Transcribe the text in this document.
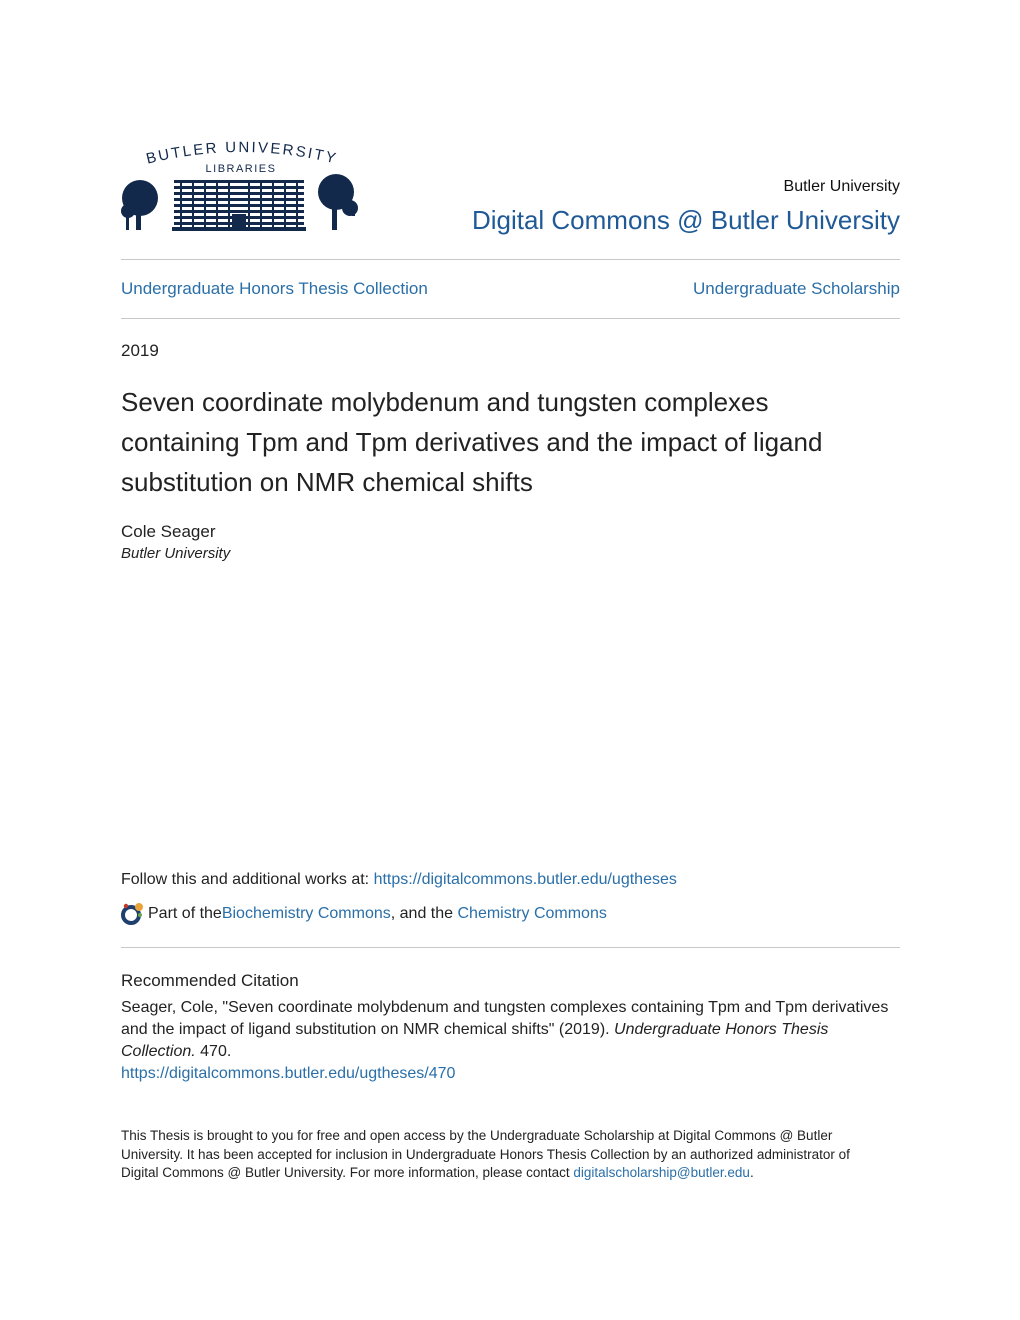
BUTLER UNIVERSITY
LIBRARIES
Butler University
Digital Commons @ Butler University
Undergraduate Honors Thesis Collection	Undergraduate Scholarship
2019
Seven coordinate molybdenum and tungsten complexes containing Tpm and Tpm derivatives and the impact of ligand substitution on NMR chemical shifts
Cole Seager
Butler University
Follow this and additional works at: https://digitalcommons.butler.edu/ugtheses
Part of the Biochemistry Commons , and the Chemistry Commons
Recommended Citation
Seager, Cole, "Seven coordinate molybdenum and tungsten complexes containing Tpm and Tpm derivatives and the impact of ligand substitution on NMR chemical shifts" (2019). Undergraduate Honors Thesis Collection. 470.
https://digitalcommons.butler.edu/ugtheses/470
This Thesis is brought to you for free and open access by the Undergraduate Scholarship at Digital Commons @ Butler University. It has been accepted for inclusion in Undergraduate Honors Thesis Collection by an authorized administrator of Digital Commons @ Butler University. For more information, please contact digitalscholarship@butler.edu.
